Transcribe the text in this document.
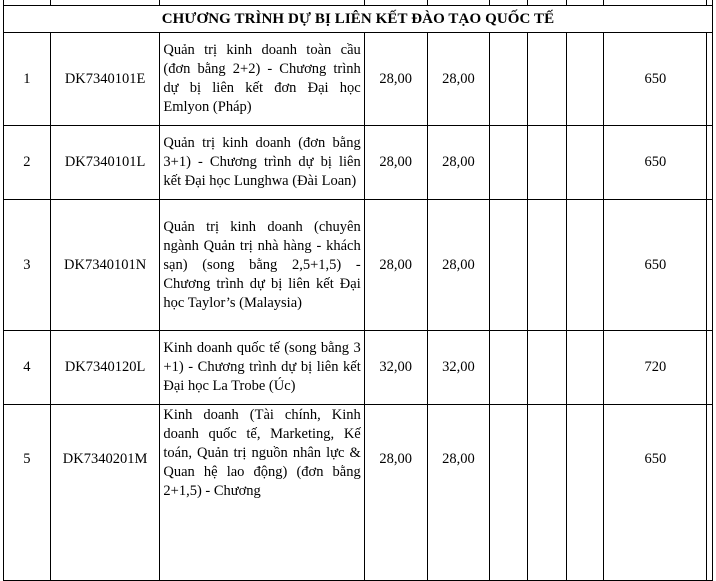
CHƯƠNG TRÌNH DỰ BỊ LIÊN KẾT ĐÀO TẠO QUỐC TẾ									
1	DK7340101E	Quản trị kinh doanh toàn cầu (đơn bằng 2+2) - Chương trình dự bị liên kết đơn Đại học Emlyon (Pháp)	28,00	28,00				650	
2	DK7340101L	Quản trị kinh doanh (đơn bằng 3+1) - Chương trình dự bị liên kết Đại học Lunghwa (Đài Loan)	28,00	28,00				650	
3	DK7340101N	Quản trị kinh doanh (chuyên ngành Quản trị nhà hàng - khách sạn) (song bằng 2,5+1,5) - Chương trình dự bị liên kết Đại học Taylor’s (Malaysia)	28,00	28,00				650	
4	DK7340120L	Kinh doanh quốc tế (song bằng 3 +1) - Chương trình dự bị liên kết Đại học La Trobe (Úc)	32,00	32,00				720	
5	DK7340201M	Kinh doanh (Tài chính, Kinh doanh quốc tế, Marketing, Kế toán, Quản trị nguồn nhân lực & Quan hệ lao động) (đơn bằng 2+1,5) - Chương	28,00	28,00				650	
